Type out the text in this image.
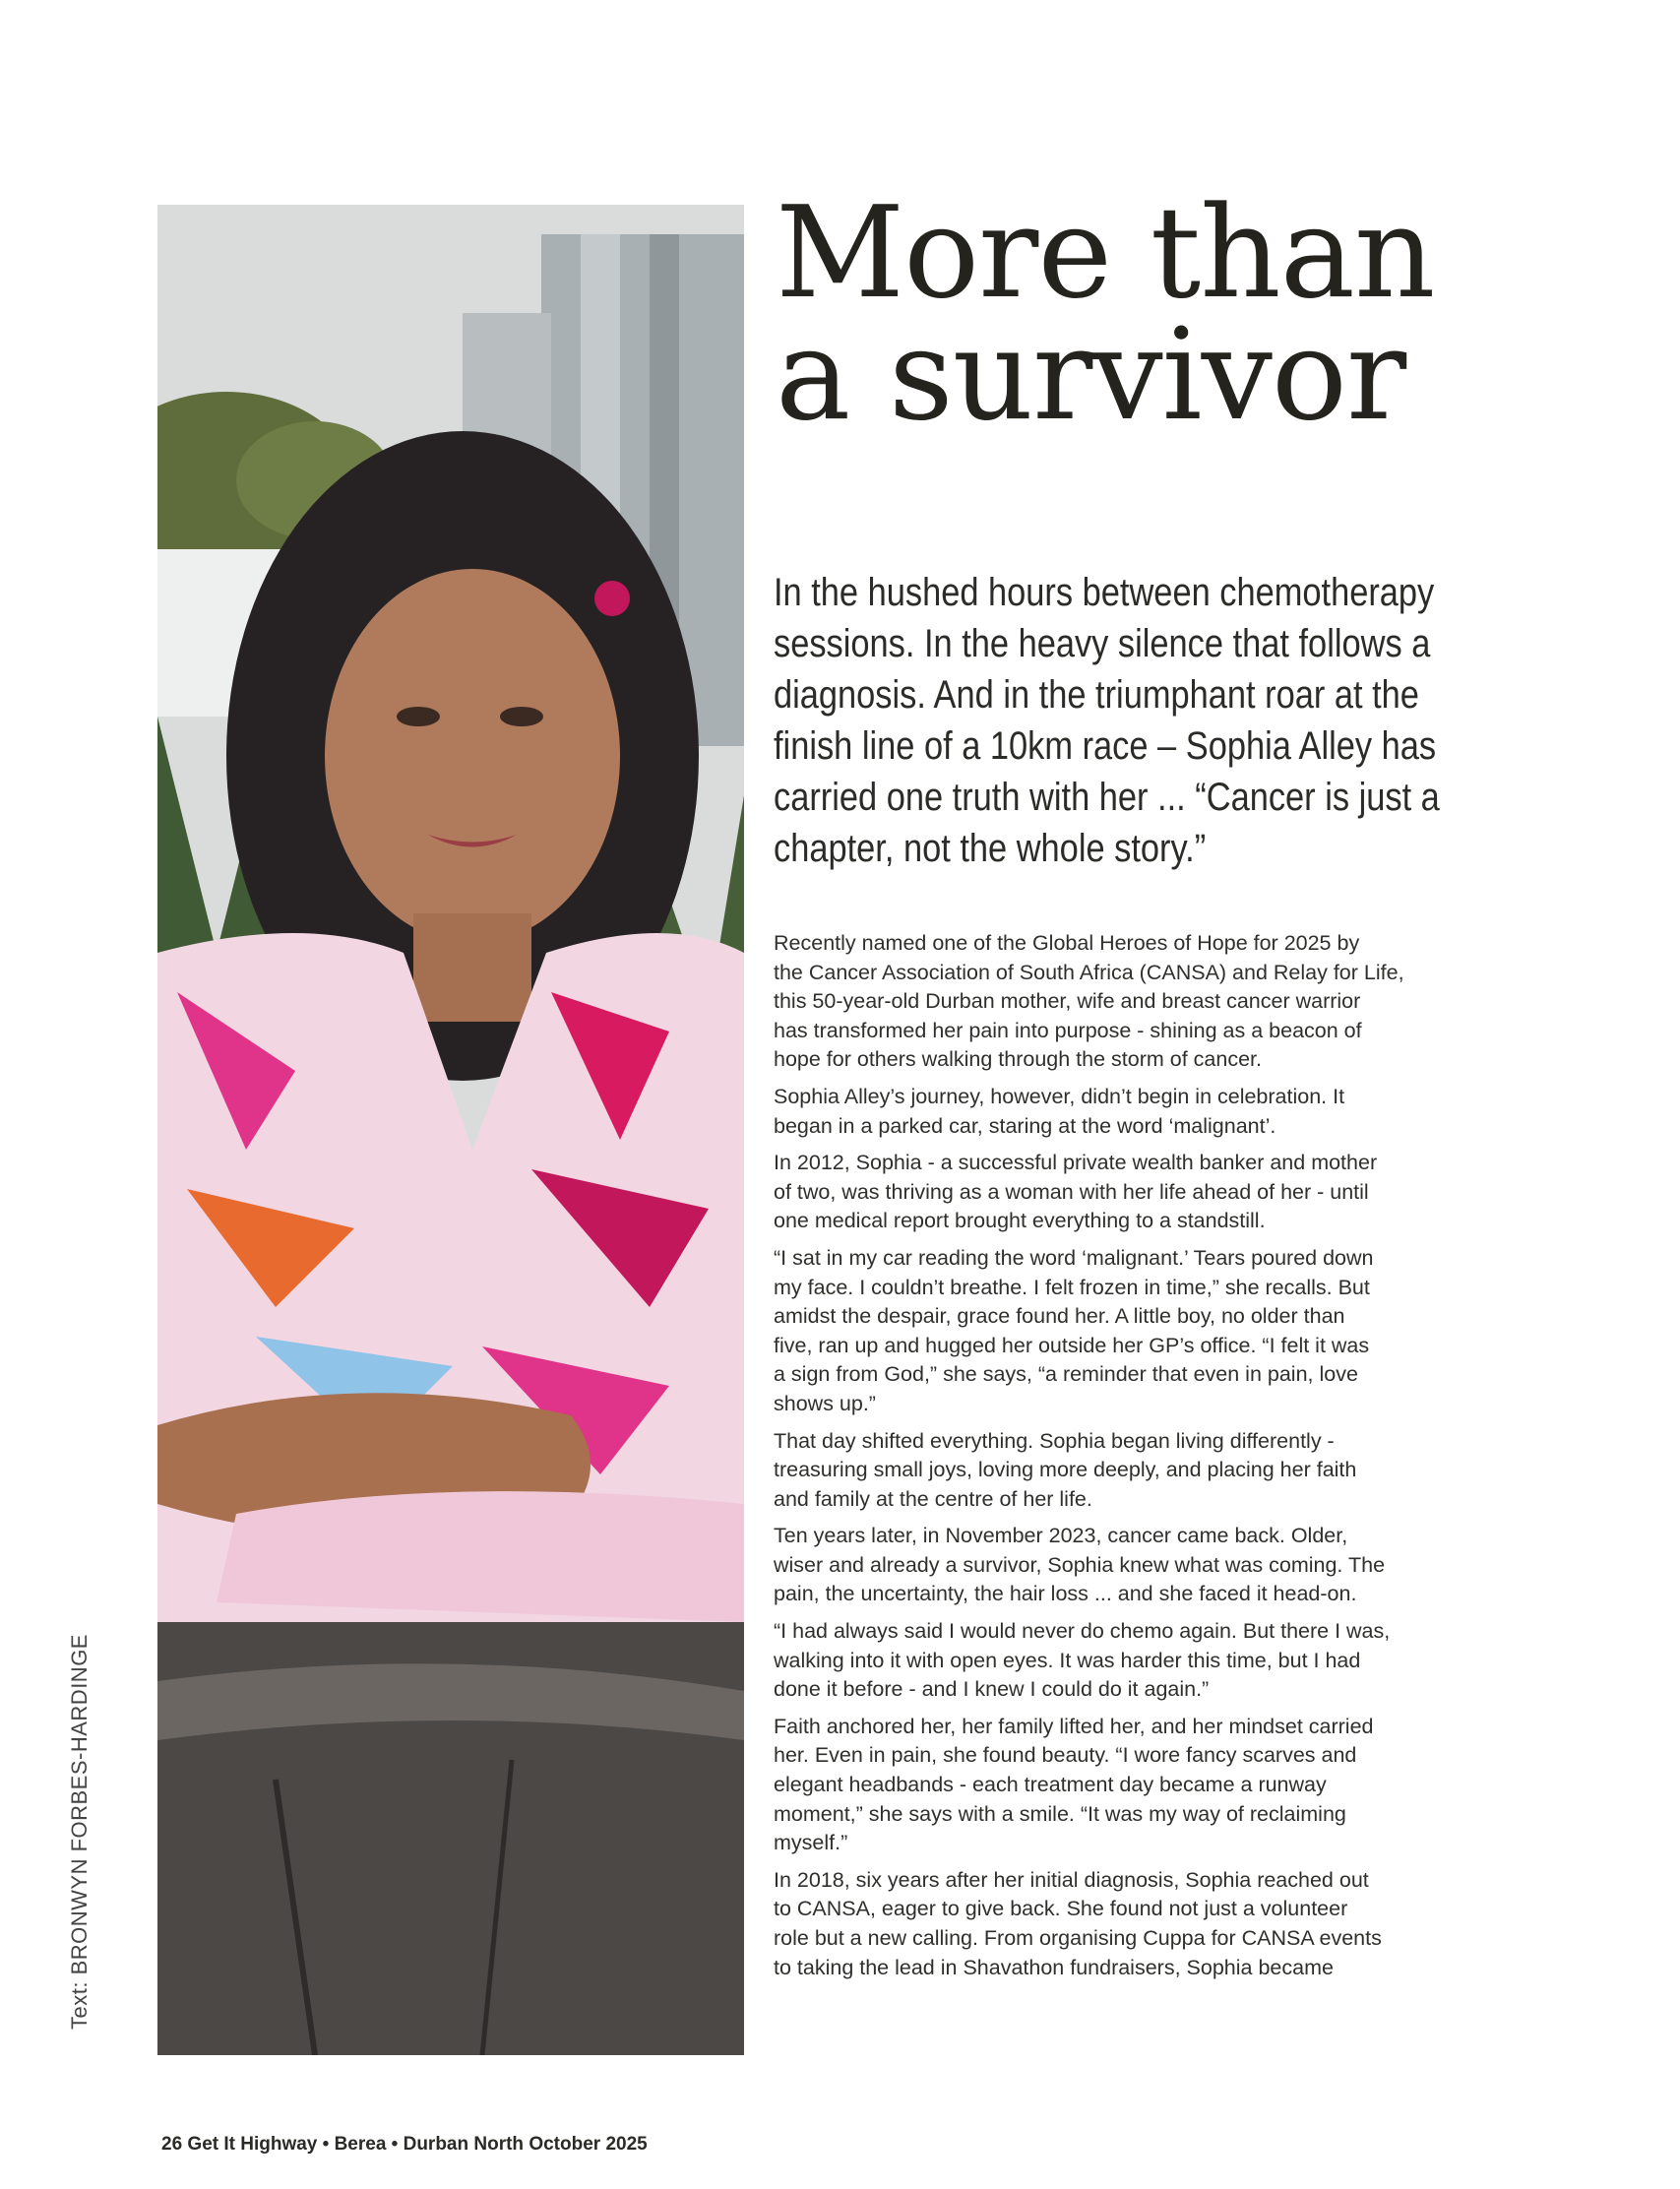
Text: BRONWYN FORBES-HARDINGE
More than
a survivor
In the hushed hours between chemotherapy
sessions. In the heavy silence that follows a
diagnosis. And in the triumphant roar at the
finish line of a 10km race – Sophia Alley has
carried one truth with her ... “Cancer is just a
chapter, not the whole story.”

Recently named one of the Global Heroes of Hope for 2025 by
the Cancer Association of South Africa (CANSA) and Relay for Life,
this 50-year-old Durban mother, wife and breast cancer warrior
has transformed her pain into purpose - shining as a beacon of
hope for others walking through the storm of cancer.

Sophia Alley’s journey, however, didn’t begin in celebration. It
began in a parked car, staring at the word ‘malignant’.

In 2012, Sophia - a successful private wealth banker and mother
of two, was thriving as a woman with her life ahead of her - until
one medical report brought everything to a standstill.

“I sat in my car reading the word ‘malignant.’ Tears poured down
my face. I couldn’t breathe. I felt frozen in time,” she recalls. But
amidst the despair, grace found her. A little boy, no older than
five, ran up and hugged her outside her GP’s office. “I felt it was
a sign from God,” she says, “a reminder that even in pain, love
shows up.”

That day shifted everything. Sophia began living differently -
treasuring small joys, loving more deeply, and placing her faith
and family at the centre of her life.

Ten years later, in November 2023, cancer came back. Older,
wiser and already a survivor, Sophia knew what was coming. The
pain, the uncertainty, the hair loss ... and she faced it head-on.

“I had always said I would never do chemo again. But there I was,
walking into it with open eyes. It was harder this time, but I had
done it before - and I knew I could do it again.”

Faith anchored her, her family lifted her, and her mindset carried
her. Even in pain, she found beauty. “I wore fancy scarves and
elegant headbands - each treatment day became a runway
moment,” she says with a smile. “It was my way of reclaiming
myself.”

In 2018, six years after her initial diagnosis, Sophia reached out
to CANSA, eager to give back. She found not just a volunteer
role but a new calling. From organising Cuppa for CANSA events
to taking the lead in Shavathon fundraisers, Sophia became

26 Get It Highway • Berea • Durban North October 2025
